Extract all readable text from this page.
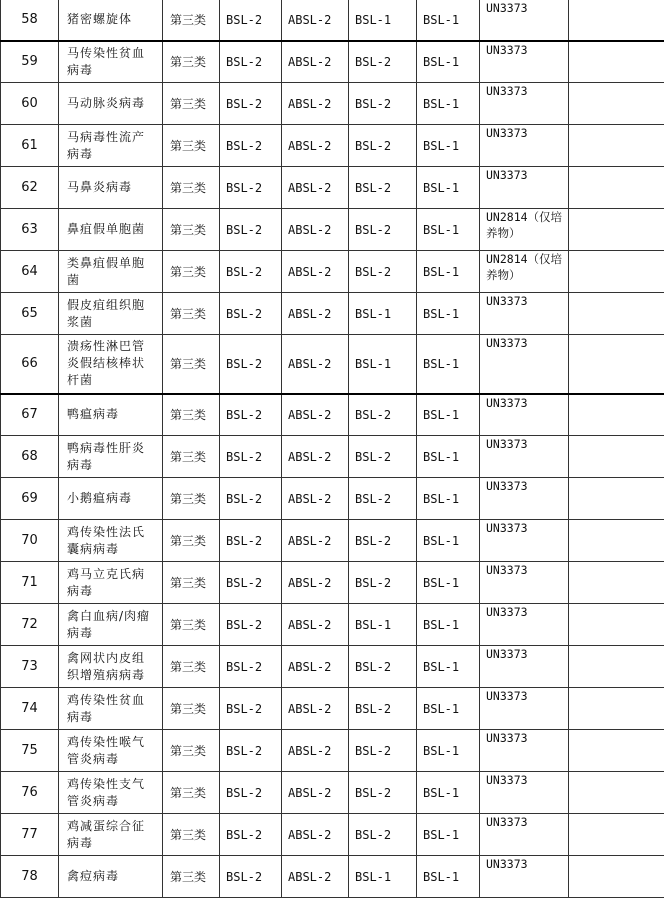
58	猪密螺旋体	第三类	BSL-2	ABSL-2	BSL-1	BSL-1	UN3373	
59	马传染性贫血病毒	第三类	BSL-2	ABSL-2	BSL-2	BSL-1	UN3373	
60	马动脉炎病毒	第三类	BSL-2	ABSL-2	BSL-2	BSL-1	UN3373	
61	马病毒性流产病毒	第三类	BSL-2	ABSL-2	BSL-2	BSL-1	UN3373	
62	马鼻炎病毒	第三类	BSL-2	ABSL-2	BSL-2	BSL-1	UN3373	
63	鼻疽假单胞菌	第三类	BSL-2	ABSL-2	BSL-2	BSL-1	UN2814（仅培养物）	
64	类鼻疽假单胞菌	第三类	BSL-2	ABSL-2	BSL-2	BSL-1	UN2814（仅培养物）	
65	假皮疽组织胞浆菌	第三类	BSL-2	ABSL-2	BSL-1	BSL-1	UN3373	
66	溃疡性淋巴管炎假结核棒状杆菌	第三类	BSL-2	ABSL-2	BSL-1	BSL-1	UN3373	
67	鸭瘟病毒	第三类	BSL-2	ABSL-2	BSL-2	BSL-1	UN3373	
68	鸭病毒性肝炎病毒	第三类	BSL-2	ABSL-2	BSL-2	BSL-1	UN3373	
69	小鹅瘟病毒	第三类	BSL-2	ABSL-2	BSL-2	BSL-1	UN3373	
70	鸡传染性法氏囊病病毒	第三类	BSL-2	ABSL-2	BSL-2	BSL-1	UN3373	
71	鸡马立克氏病病毒	第三类	BSL-2	ABSL-2	BSL-2	BSL-1	UN3373	
72	禽白血病/肉瘤病毒	第三类	BSL-2	ABSL-2	BSL-1	BSL-1	UN3373	
73	禽网状内皮组织增殖病病毒	第三类	BSL-2	ABSL-2	BSL-2	BSL-1	UN3373	
74	鸡传染性贫血病毒	第三类	BSL-2	ABSL-2	BSL-2	BSL-1	UN3373	
75	鸡传染性喉气管炎病毒	第三类	BSL-2	ABSL-2	BSL-2	BSL-1	UN3373	
76	鸡传染性支气管炎病毒	第三类	BSL-2	ABSL-2	BSL-2	BSL-1	UN3373	
77	鸡减蛋综合征病毒	第三类	BSL-2	ABSL-2	BSL-2	BSL-1	UN3373	
78	禽痘病毒	第三类	BSL-2	ABSL-2	BSL-1	BSL-1	UN3373	
